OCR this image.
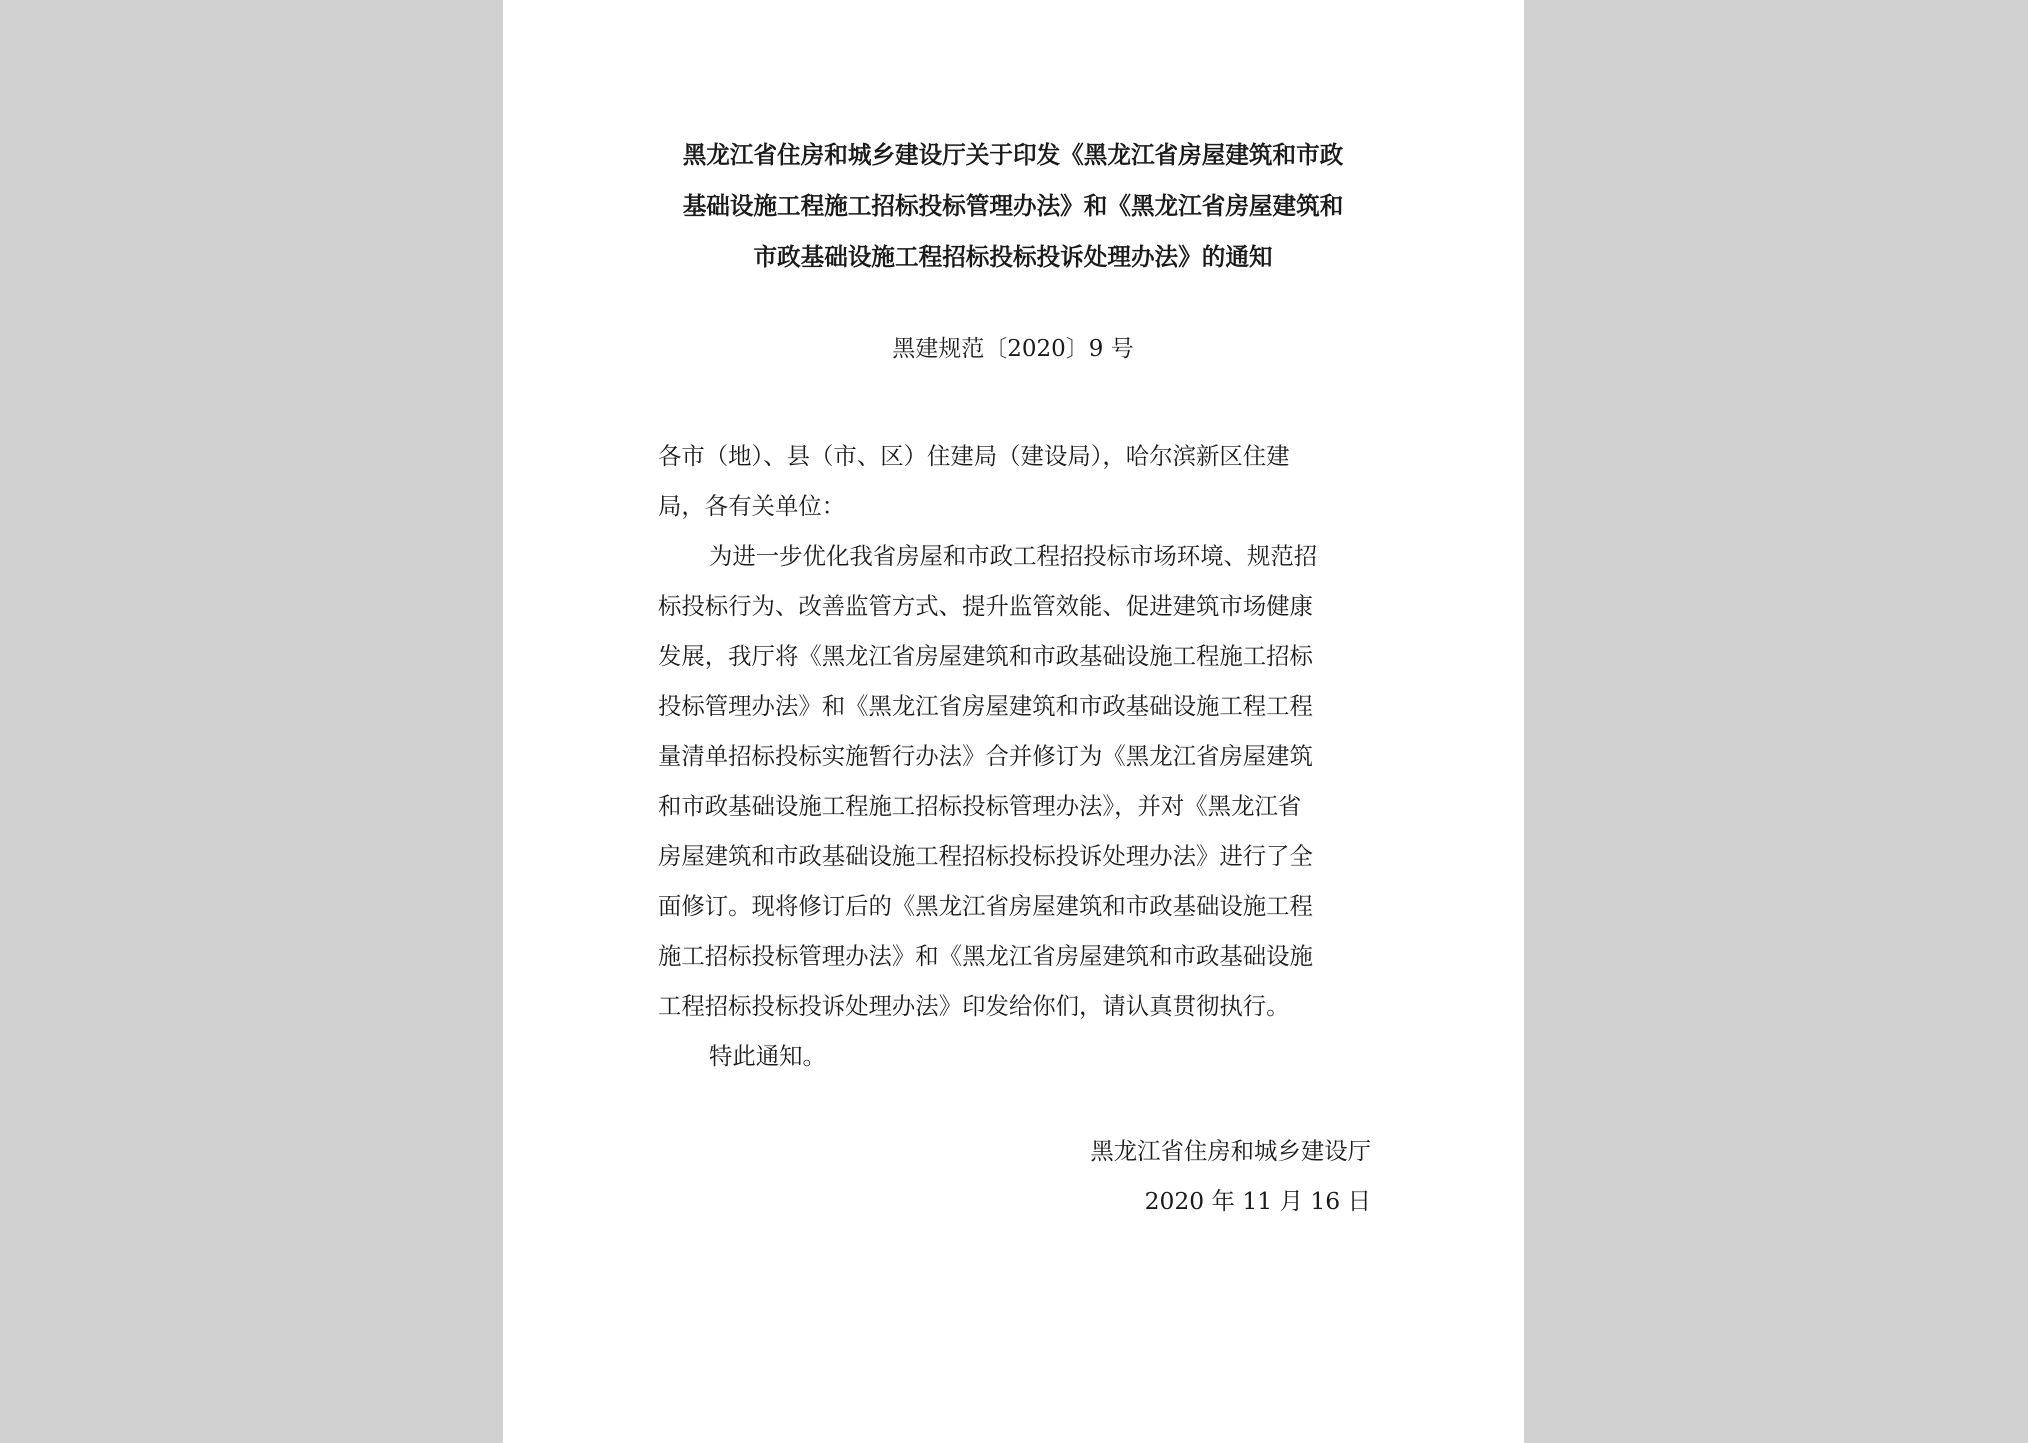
黑龙江省住房和城乡建设厅关于印发《黑龙江省房屋建筑和市政
基础设施工程施工招标投标管理办法》和《黑龙江省房屋建筑和
市政基础设施工程招标投标投诉处理办法》的通知
黑建规范〔2020〕9 号

各市（地）、县（市、区）住建局（建设局），哈尔滨新区住建
局，各有关单位：

为进一步优化我省房屋和市政工程招投标市场环境、规范招
标投标行为、改善监管方式、提升监管效能、促进建筑市场健康
发展，我厅将《黑龙江省房屋建筑和市政基础设施工程施工招标
投标管理办法》和《黑龙江省房屋建筑和市政基础设施工程工程
量清单招标投标实施暂行办法》合并修订为《黑龙江省房屋建筑
和市政基础设施工程施工招标投标管理办法》，并对《黑龙江省
房屋建筑和市政基础设施工程招标投标投诉处理办法》进行了全
面修订。现将修订后的《黑龙江省房屋建筑和市政基础设施工程
施工招标投标管理办法》和《黑龙江省房屋建筑和市政基础设施
工程招标投标投诉处理办法》印发给你们，请认真贯彻执行。

特此通知。

黑龙江省住房和城乡建设厅

2020 年 11 月 16 日
